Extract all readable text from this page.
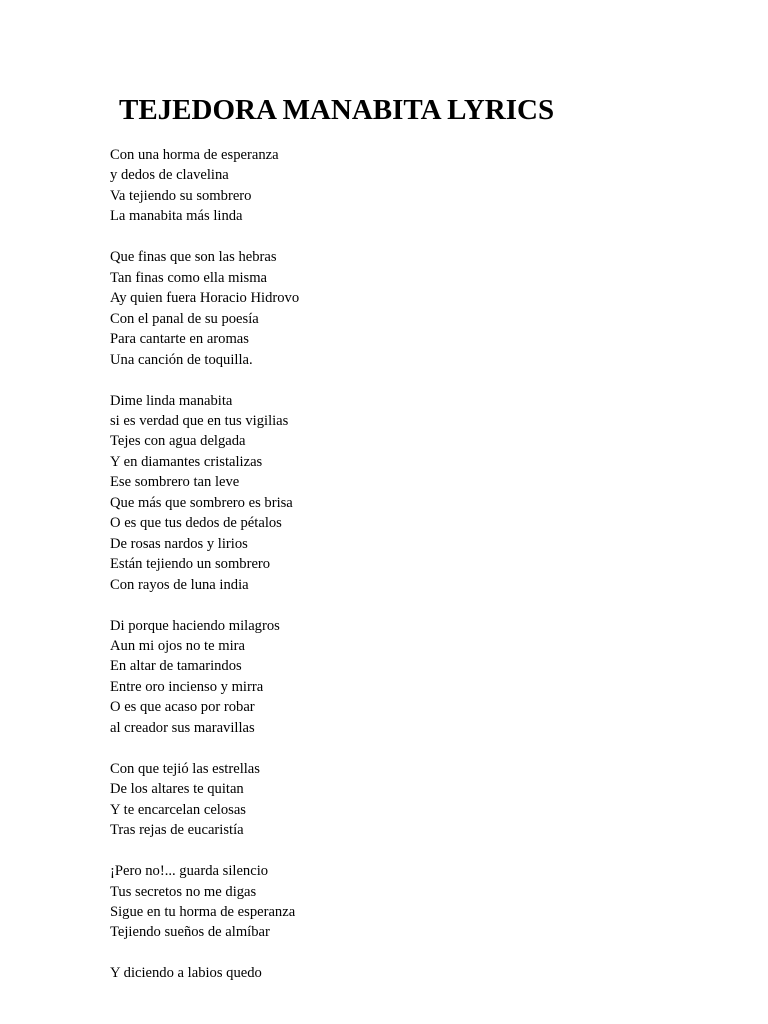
TEJEDORA MANABITA LYRICS
Con una horma de esperanza
y dedos de clavelina
Va tejiendo su sombrero
La manabita más linda
Que finas que son las hebras
Tan finas como ella misma
Ay quien fuera Horacio Hidrovo
Con el panal de su poesía
Para cantarte en aromas
Una canción de toquilla.
Dime linda manabita
si es verdad que en tus vigilias
Tejes con agua delgada
Y en diamantes cristalizas
Ese sombrero tan leve
Que más que sombrero es brisa
O es que tus dedos de pétalos
De rosas nardos y lirios
Están tejiendo un sombrero
Con rayos de luna india
Di porque haciendo milagros
Aun mi ojos no te mira
En altar de tamarindos
Entre oro incienso y mirra
O es que acaso por robar
al creador sus maravillas
Con que tejió las estrellas
De los altares te quitan
Y te encarcelan celosas
Tras rejas de eucaristía
¡Pero no!... guarda silencio
Tus secretos no me digas
Sigue en tu horma de esperanza
Tejiendo sueños de almíbar
Y diciendo a labios quedo
